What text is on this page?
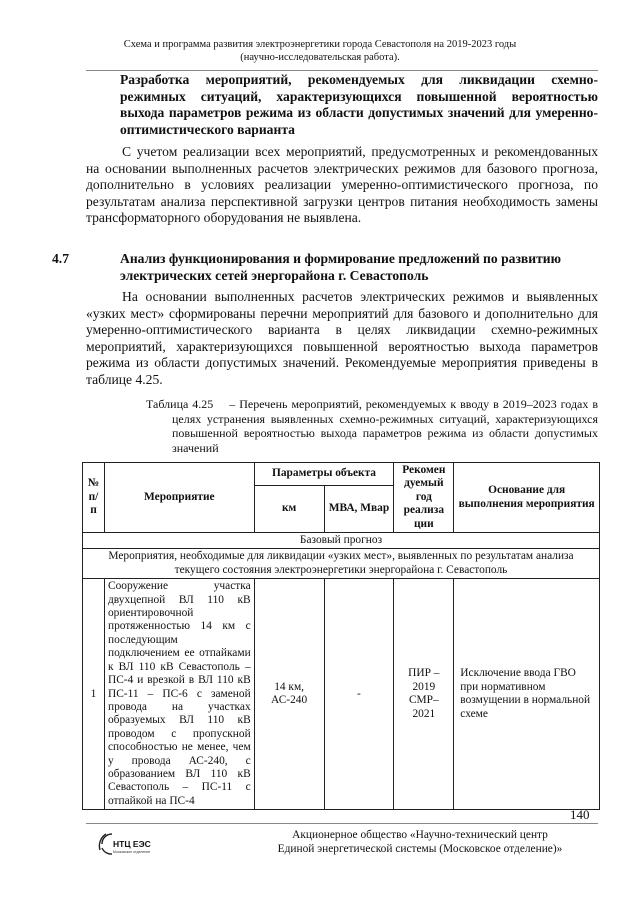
Схема и программа развития электроэнергетики города Севастополя на 2019-2023 годы
(научно-исследовательская работа).
Разработка мероприятий, рекомендуемых для ликвидации схемно-режимных ситуаций, характеризующихся повышенной вероятностью выхода параметров режима из области допустимых значений для умеренно-оптимистического варианта
С учетом реализации всех мероприятий, предусмотренных и рекомендованных на основании выполненных расчетов электрических режимов для базового прогноза, дополнительно в условиях реализации умеренно-оптимистического прогноза, по результатам анализа перспективной загрузки центров питания необходимость замены трансформаторного оборудования не выявлена.
4.7	Анализ функционирования и формирование предложений по развитию электрических сетей энергорайона г. Севастополь
На основании выполненных расчетов электрических режимов и выявленных «узких мест» сформированы перечни мероприятий для базового и дополнительно для умеренно-оптимистического варианта в целях ликвидации схемно-режимных мероприятий, характеризующихся повышенной вероятностью выхода параметров режима из области допустимых значений. Рекомендуемые мероприятия приведены в таблице 4.25.
Таблица 4.25 – Перечень мероприятий, рекомендуемых к вводу в 2019–2023 годах в целях устранения выявленных схемно-режимных ситуаций, характеризующихся повышенной вероятностью выхода параметров режима из области допустимых значений
№ п/п	Мероприятие	Параметры объекта		Рекомен дуемый год реализа ции	Основание для выполнения мероприятия
		км	МВА, Мвар		
Базовый прогноз					
Мероприятия, необходимые для ликвидации «узких мест», выявленных по результатам анализа текущего состояния электроэнергетики энергорайона г. Севастополь					
1	Сооружение участка двухцепной ВЛ 110 кВ ориентировочной протяженностью 14 км с последующим подключением ее отпайками к ВЛ 110 кВ Севастополь – ПС-4 и врезкой в ВЛ 110 кВ ПС-11 – ПС-6 с заменой провода на участках образуемых ВЛ 110 кВ проводом с пропускной способностью не менее, чем у провода АС-240, с образованием ВЛ 110 кВ Севастополь – ПС-11 с отпайкой на ПС-4	14 км, АС-240	-	ПИР – 2019 СМР– 2021	Исключение ввода ГВО при нормативном возмущении в нормальной схеме
140
НТЦ ЕЭС
Московское отделение
Акционерное общество «Научно-технический центр
Единой энергетической системы (Московское отделение)»
